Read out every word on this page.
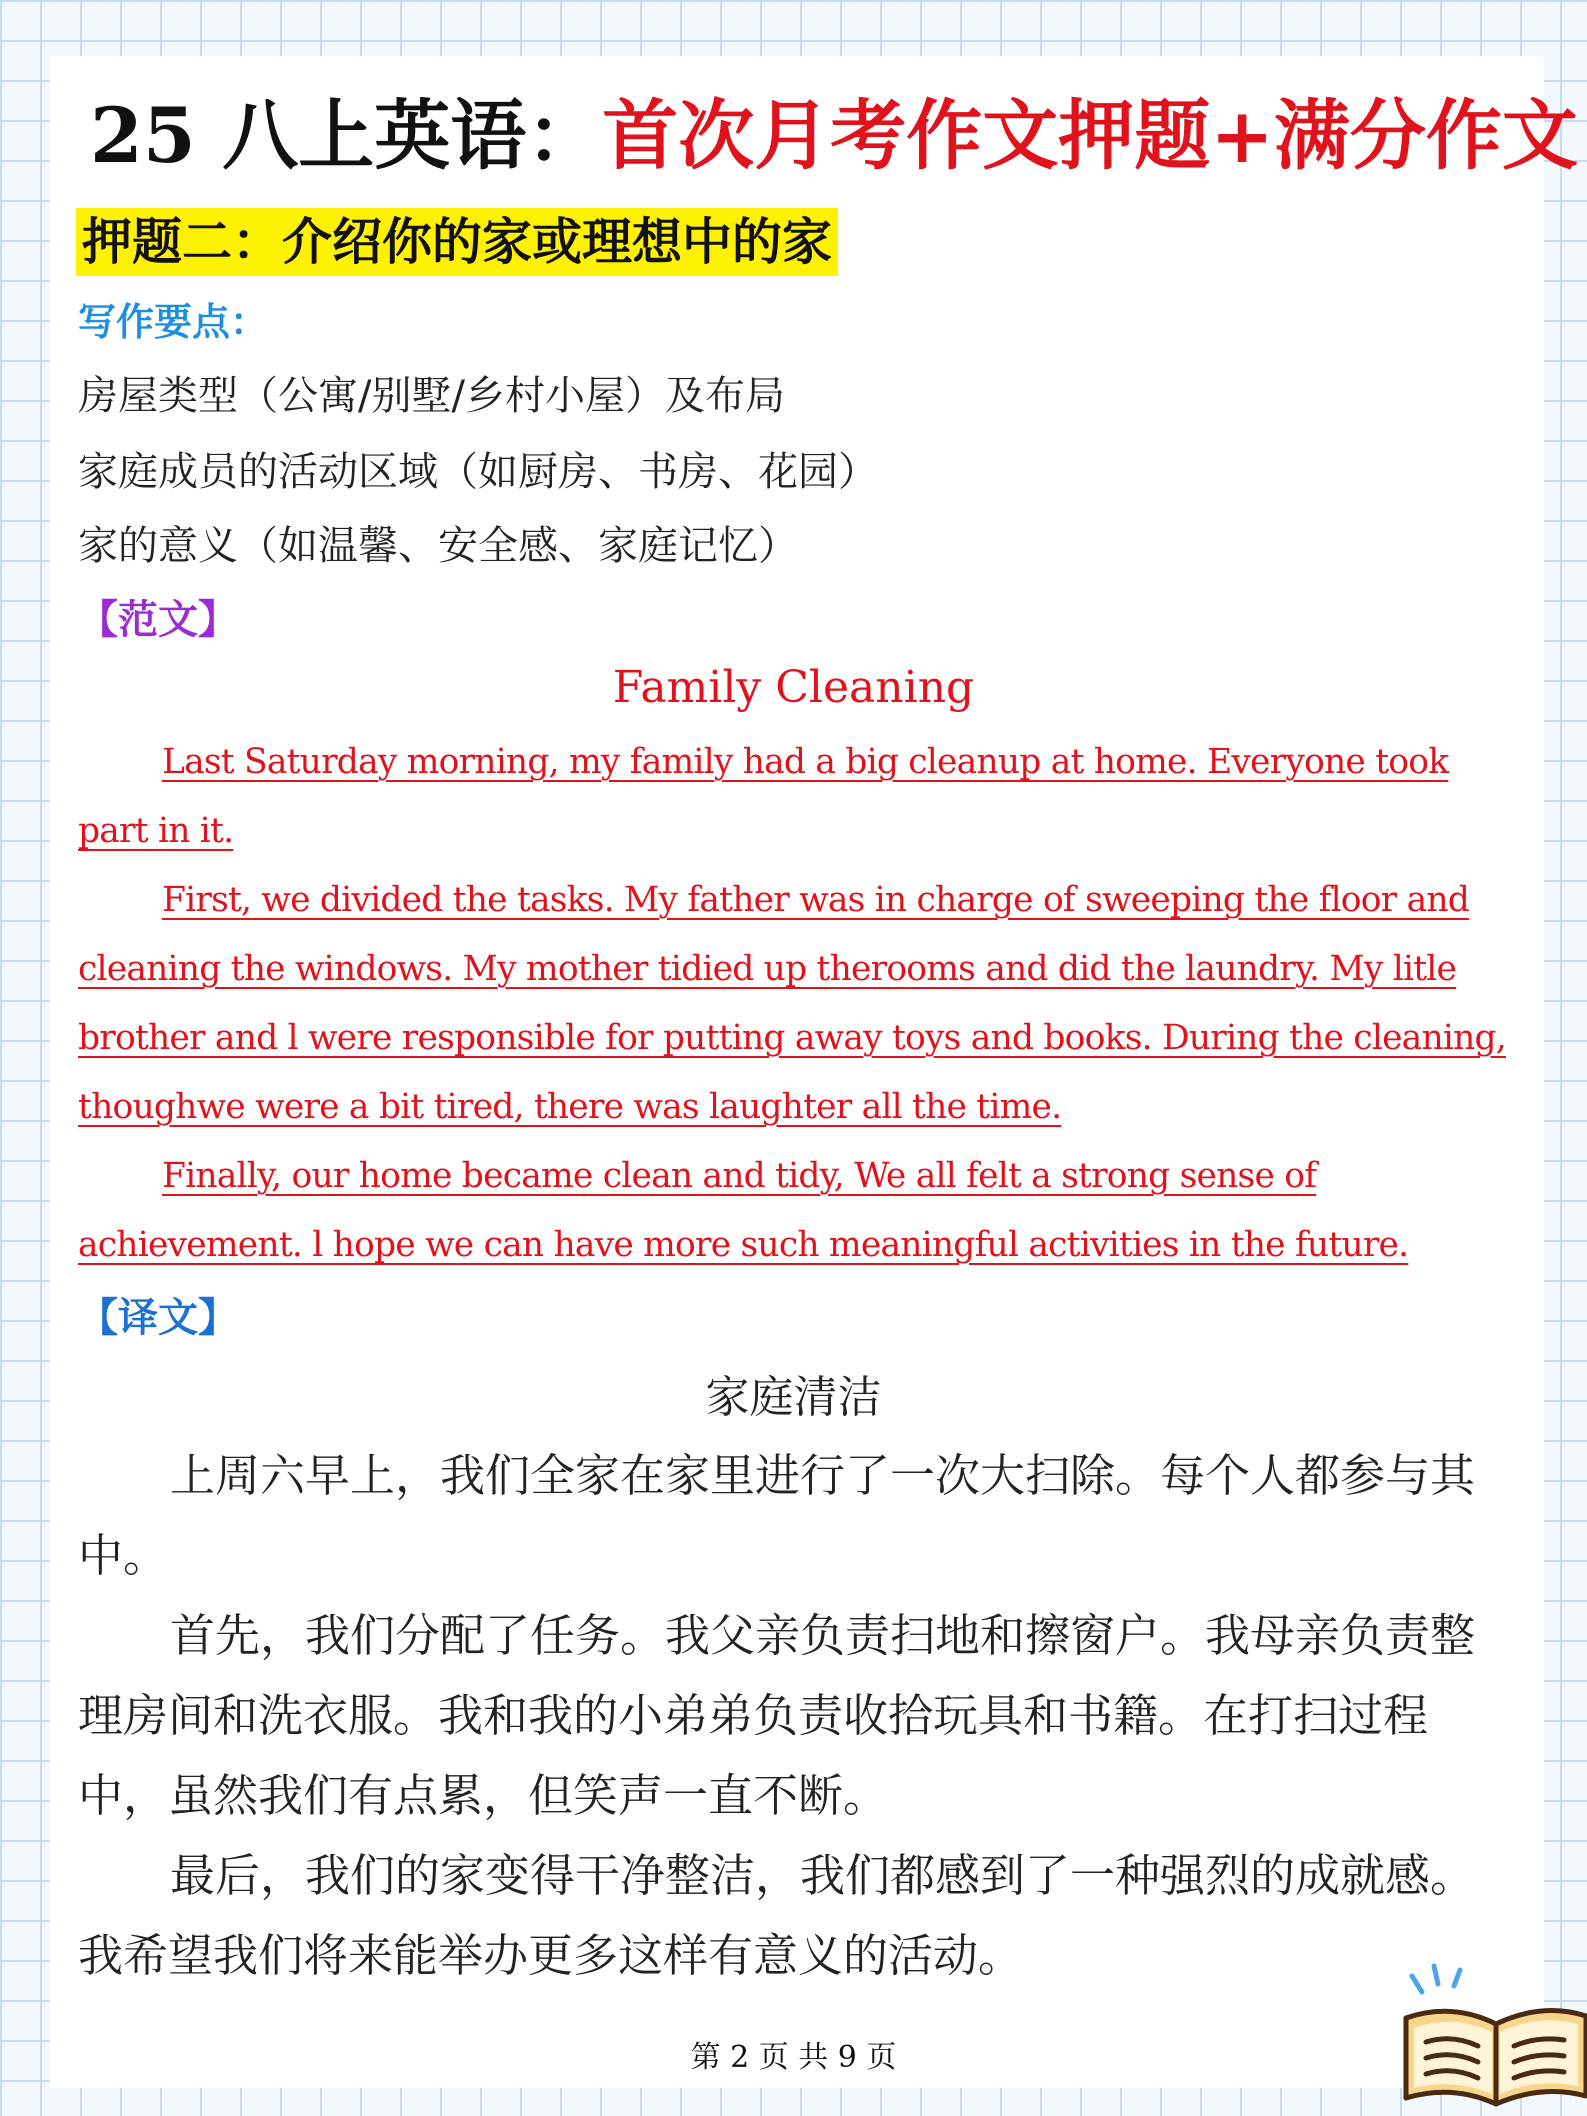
25 八上英语：首次月考作文押题+满分作文
押题二：介绍你的家或理想中的家
写作要点：
房屋类型（公寓/别墅/乡村小屋）及布局
家庭成员的活动区域（如厨房、书房、花园）
家的意义（如温馨、安全感、家庭记忆）
【范文】
Family Cleaning

Last Saturday morning, my family had a big cleanup at home. Everyone took part in it.

First, we divided the tasks. My father was in charge of sweeping the floor and cleaning the windows. My mother tidied up therooms and did the laundry. My litle brother and l were responsible for putting away toys and books. During the cleaning, thoughwe were a bit tired, there was laughter all the time.

Finally, our home became clean and tidy, We all felt a strong sense of achievement. l hope we can have more such meaningful activities in the future.

【译文】
家庭清洁

上周六早上，我们全家在家里进行了一次大扫除。每个人都参与其中。

首先，我们分配了任务。我父亲负责扫地和擦窗户。我母亲负责整理房间和洗衣服。我和我的小弟弟负责收拾玩具和书籍。在打扫过程中，虽然我们有点累，但笑声一直不断。

最后，我们的家变得干净整洁，我们都感到了一种强烈的成就感。我希望我们将来能举办更多这样有意义的活动。

第 2 页 共 9 页
